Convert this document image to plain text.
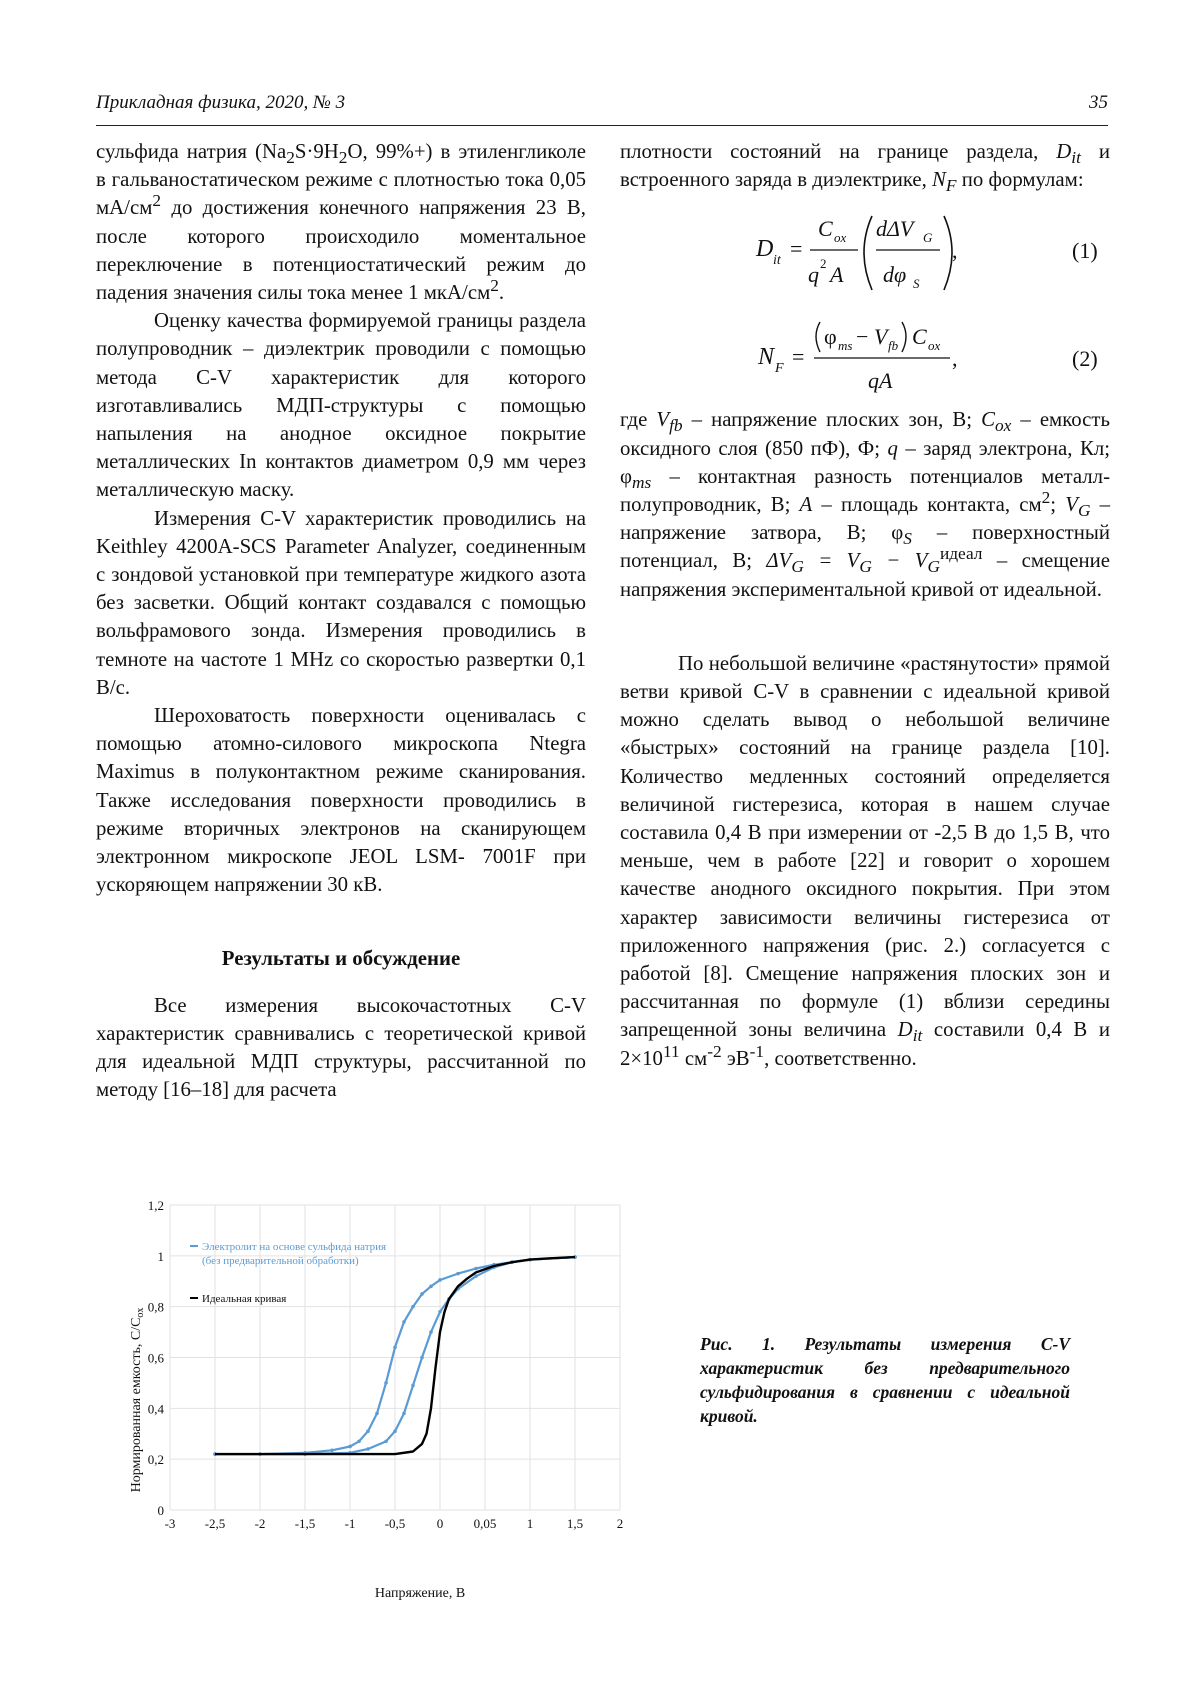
Прикладная физика, 2020, № 3	35

сульфида натрия ($Na_2S\cdot 9H_2O$, 99%+) в этиленгликоле в гальваностатическом режиме с плотностью тока 0,05 $мА/см^2$ до достижения конечного напряжения 23 В, после которого происходило моментальное переключение в потенциостатический режим до падения значения силы тока менее 1 мкА/$см^2$.

Оценку качества формируемой границы раздела полупроводник – диэлектрик проводили с помощью метода C-V характеристик для которого изготавливались МДП-структуры с помощью напыления на анодное оксидное покрытие металлических In контактов диаметром 0,9 мм через металлическую маску.

Измерения C-V характеристик проводились на Keithley 4200A-SCS Parameter Analyzer, соединенным с зондовой установкой при температуре жидкого азота без засветки. Общий контакт создавался с помощью вольфрамового зонда. Измерения проводились в темноте на частоте 1 MHz со скоростью развертки 0,1 В/с.

Шероховатость поверхности оценивалась с помощью атомно-силового микроскопа Ntegra Maximus в полуконтактном режиме сканирования. Также исследования поверхности проводились в режиме вторичных электронов на сканирующем электронном микроскопе JEOL LSM- 7001F при ускоряющем напряжении 30 кВ.

Результаты и обсуждение

Все измерения высокочастотных C-V характеристик сравнивались с теоретической кривой для идеальной МДП структуры, рассчитанной по методу [16–18] для расчета

плотности состояний на границе раздела, $D_{it}$ и встроенного заряда в диэлектрике, $N_F$ по формулам:

D it =
C ox
q 2 A
dΔV G
dφ S
,	(1)
N F =
φ ms − V fb C ox
qA
,	(2)

где $V_{fb}$ – напряжение плоских зон, В; $C_{ox}$ – емкость оксидного слоя (850 пФ), Ф; q – заряд электрона, Кл; $\varphi_{ms}$ – контактная разность потенциалов металл-полупроводник, В; A – площадь контакта, $см^2$; $V_G$ – напряжение затвора, В; $\varphi_S$ – поверхностный потенциал, В; $\Delta V_G = V_G - V_G^{идеал}$ – смещение напряжения экспериментальной кривой от идеальной.

По небольшой величине «растянутости» прямой ветви кривой C-V в сравнении с идеальной кривой можно сделать вывод о небольшой величине «быстрых» состояний на границе раздела [10]. Количество медленных состояний определяется величиной гистерезиса, которая в нашем случае составила 0,4 В при измерении от -2,5 В до 1,5 В, что меньше, чем в работе [22] и говорит о хорошем качестве анодного оксидного покрытия. При этом характер зависимости величины гистерезиса от приложенного напряжения (рис. 2.) согласуется с работой [8]. Смещение напряжения плоских зон и рассчитанная по формуле (1) вблизи середины запрещенной зоны величина $D_{it}$ составили 0,4 В и $2\times 10^{11}$ $см^{-2}$ $эВ^{-1}$, соответственно.

-3 -2,5 -2 -1,5 -1 -0,5 0 0,05 1	1,5	2
0
0,2
0,4
0,6
0,8
1
1,2
Электролит на основе сульфида натрия
(без предварительной обработки)
Идеальная кривая
Напряжение, В
Нормированная емкость, $C/C_{ox}$
Рис. 1. Результаты измерения C-V характеристик без предварительного сульфидирования в сравнении с идеальной кривой.
